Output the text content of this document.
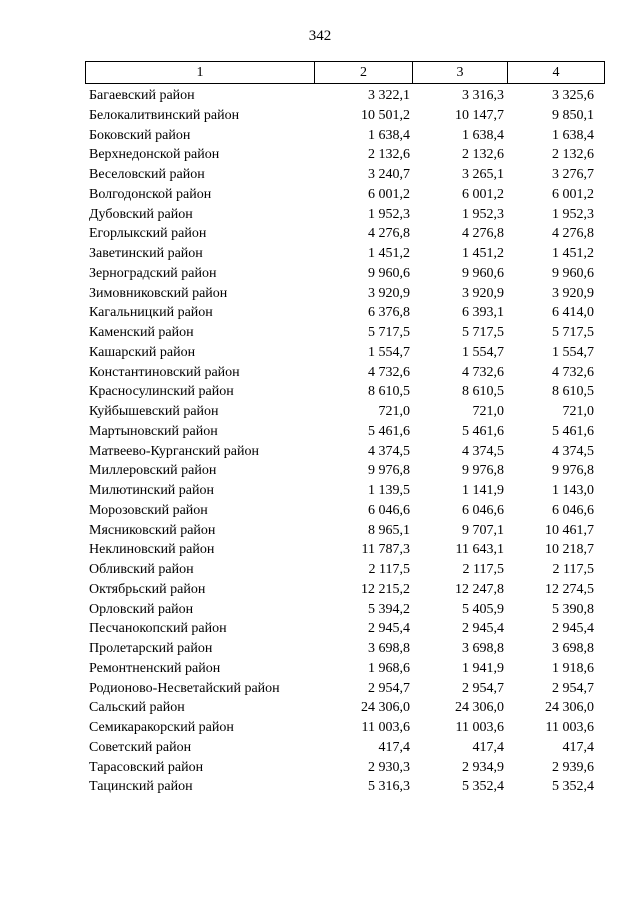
342
1	2	3	4
Багаевский район	3 322,1	3 316,3	3 325,6
Белокалитвинский район	10 501,2	10 147,7	9 850,1
Боковский район	1 638,4	1 638,4	1 638,4
Верхнедонской район	2 132,6	2 132,6	2 132,6
Веселовский район	3 240,7	3 265,1	3 276,7
Волгодонской район	6 001,2	6 001,2	6 001,2
Дубовский район	1 952,3	1 952,3	1 952,3
Егорлыкский район	4 276,8	4 276,8	4 276,8
Заветинский район	1 451,2	1 451,2	1 451,2
Зерноградский район	9 960,6	9 960,6	9 960,6
Зимовниковский район	3 920,9	3 920,9	3 920,9
Кагальницкий район	6 376,8	6 393,1	6 414,0
Каменский район	5 717,5	5 717,5	5 717,5
Кашарский район	1 554,7	1 554,7	1 554,7
Константиновский район	4 732,6	4 732,6	4 732,6
Красносулинский район	8 610,5	8 610,5	8 610,5
Куйбышевский район	721,0	721,0	721,0
Мартыновский район	5 461,6	5 461,6	5 461,6
Матвеево-Курганский район	4 374,5	4 374,5	4 374,5
Миллеровский район	9 976,8	9 976,8	9 976,8
Милютинский район	1 139,5	1 141,9	1 143,0
Морозовский район	6 046,6	6 046,6	6 046,6
Мясниковский район	8 965,1	9 707,1	10 461,7
Неклиновский район	11 787,3	11 643,1	10 218,7
Обливский район	2 117,5	2 117,5	2 117,5
Октябрьский район	12 215,2	12 247,8	12 274,5
Орловский район	5 394,2	5 405,9	5 390,8
Песчанокопский район	2 945,4	2 945,4	2 945,4
Пролетарский район	3 698,8	3 698,8	3 698,8
Ремонтненский район	1 968,6	1 941,9	1 918,6
Родионово-Несветайский район	2 954,7	2 954,7	2 954,7
Сальский район	24 306,0	24 306,0	24 306,0
Семикаракорский район	11 003,6	11 003,6	11 003,6
Советский район	417,4	417,4	417,4
Тарасовский район	2 930,3	2 934,9	2 939,6
Тацинский район	5 316,3	5 352,4	5 352,4
